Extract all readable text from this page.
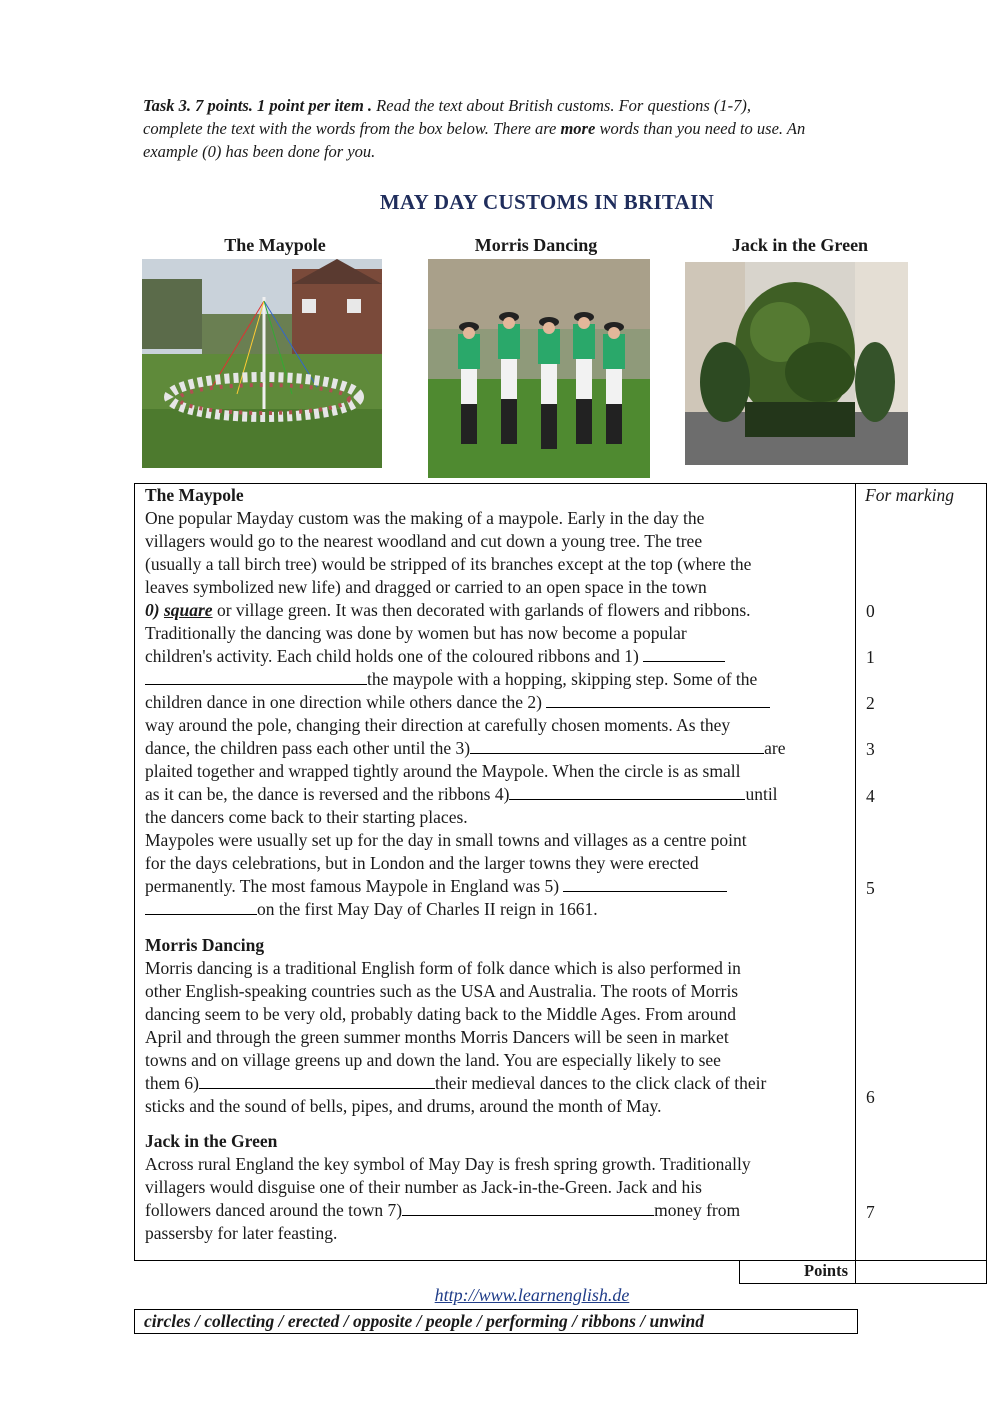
Task 3. 7 points. 1 point per item . Read the text about British customs. For questions (1-7),
complete the text with the words from the box below. There are more words than you need to use. An
example (0) has been done for you.
MAY DAY CUSTOMS IN BRITAIN
The Maypole	Morris Dancing	Jack in the Green
For marking
0
1
2
3
4
5
6
7
The Maypole
One popular Mayday custom was the making of a maypole. Early in the day the
villagers would go to the nearest woodland and cut down a young tree. The tree
(usually a tall birch tree) would be stripped of its branches except at the top (where the
leaves symbolized new life) and dragged or carried to an open space in the town
0) square or village green. It was then decorated with garlands of flowers and ribbons.
Traditionally the dancing was done by women but has now become a popular
children's activity. Each child holds one of the coloured ribbons and 1)
the maypole with a hopping, skipping step. Some of the
children dance in one direction while others dance the 2)
way around the pole, changing their direction at carefully chosen moments. As they
dance, the children pass each other until the 3)	are
plaited together and wrapped tightly around the Maypole. When the circle is as small
as it can be, the dance is reversed and the ribbons 4)	until
the dancers come back to their starting places.
Maypoles were usually set up for the day in small towns and villages as a centre point
for the days celebrations, but in London and the larger towns they were erected
permanently. The most famous Maypole in England was 5)
on the first May Day of Charles II reign in 1661.
Morris Dancing
Morris dancing is a traditional English form of folk dance which is also performed in
other English-speaking countries such as the USA and Australia. The roots of Morris
dancing seem to be very old, probably dating back to the Middle Ages. From around
April and through the green summer months Morris Dancers will be seen in market
towns and on village greens up and down the land. You are especially likely to see
them 6)	their medieval dances to the click clack of their
sticks and the sound of bells, pipes, and drums, around the month of May.
Jack in the Green
Across rural England the key symbol of May Day is fresh spring growth. Traditionally
villagers would disguise one of their number as Jack-in-the-Green. Jack and his
followers danced around the town 7)	money from
passersby for later feasting.
Points
http://www.learnenglish.de
circles / collecting / erected / opposite / people / performing / ribbons / unwind
